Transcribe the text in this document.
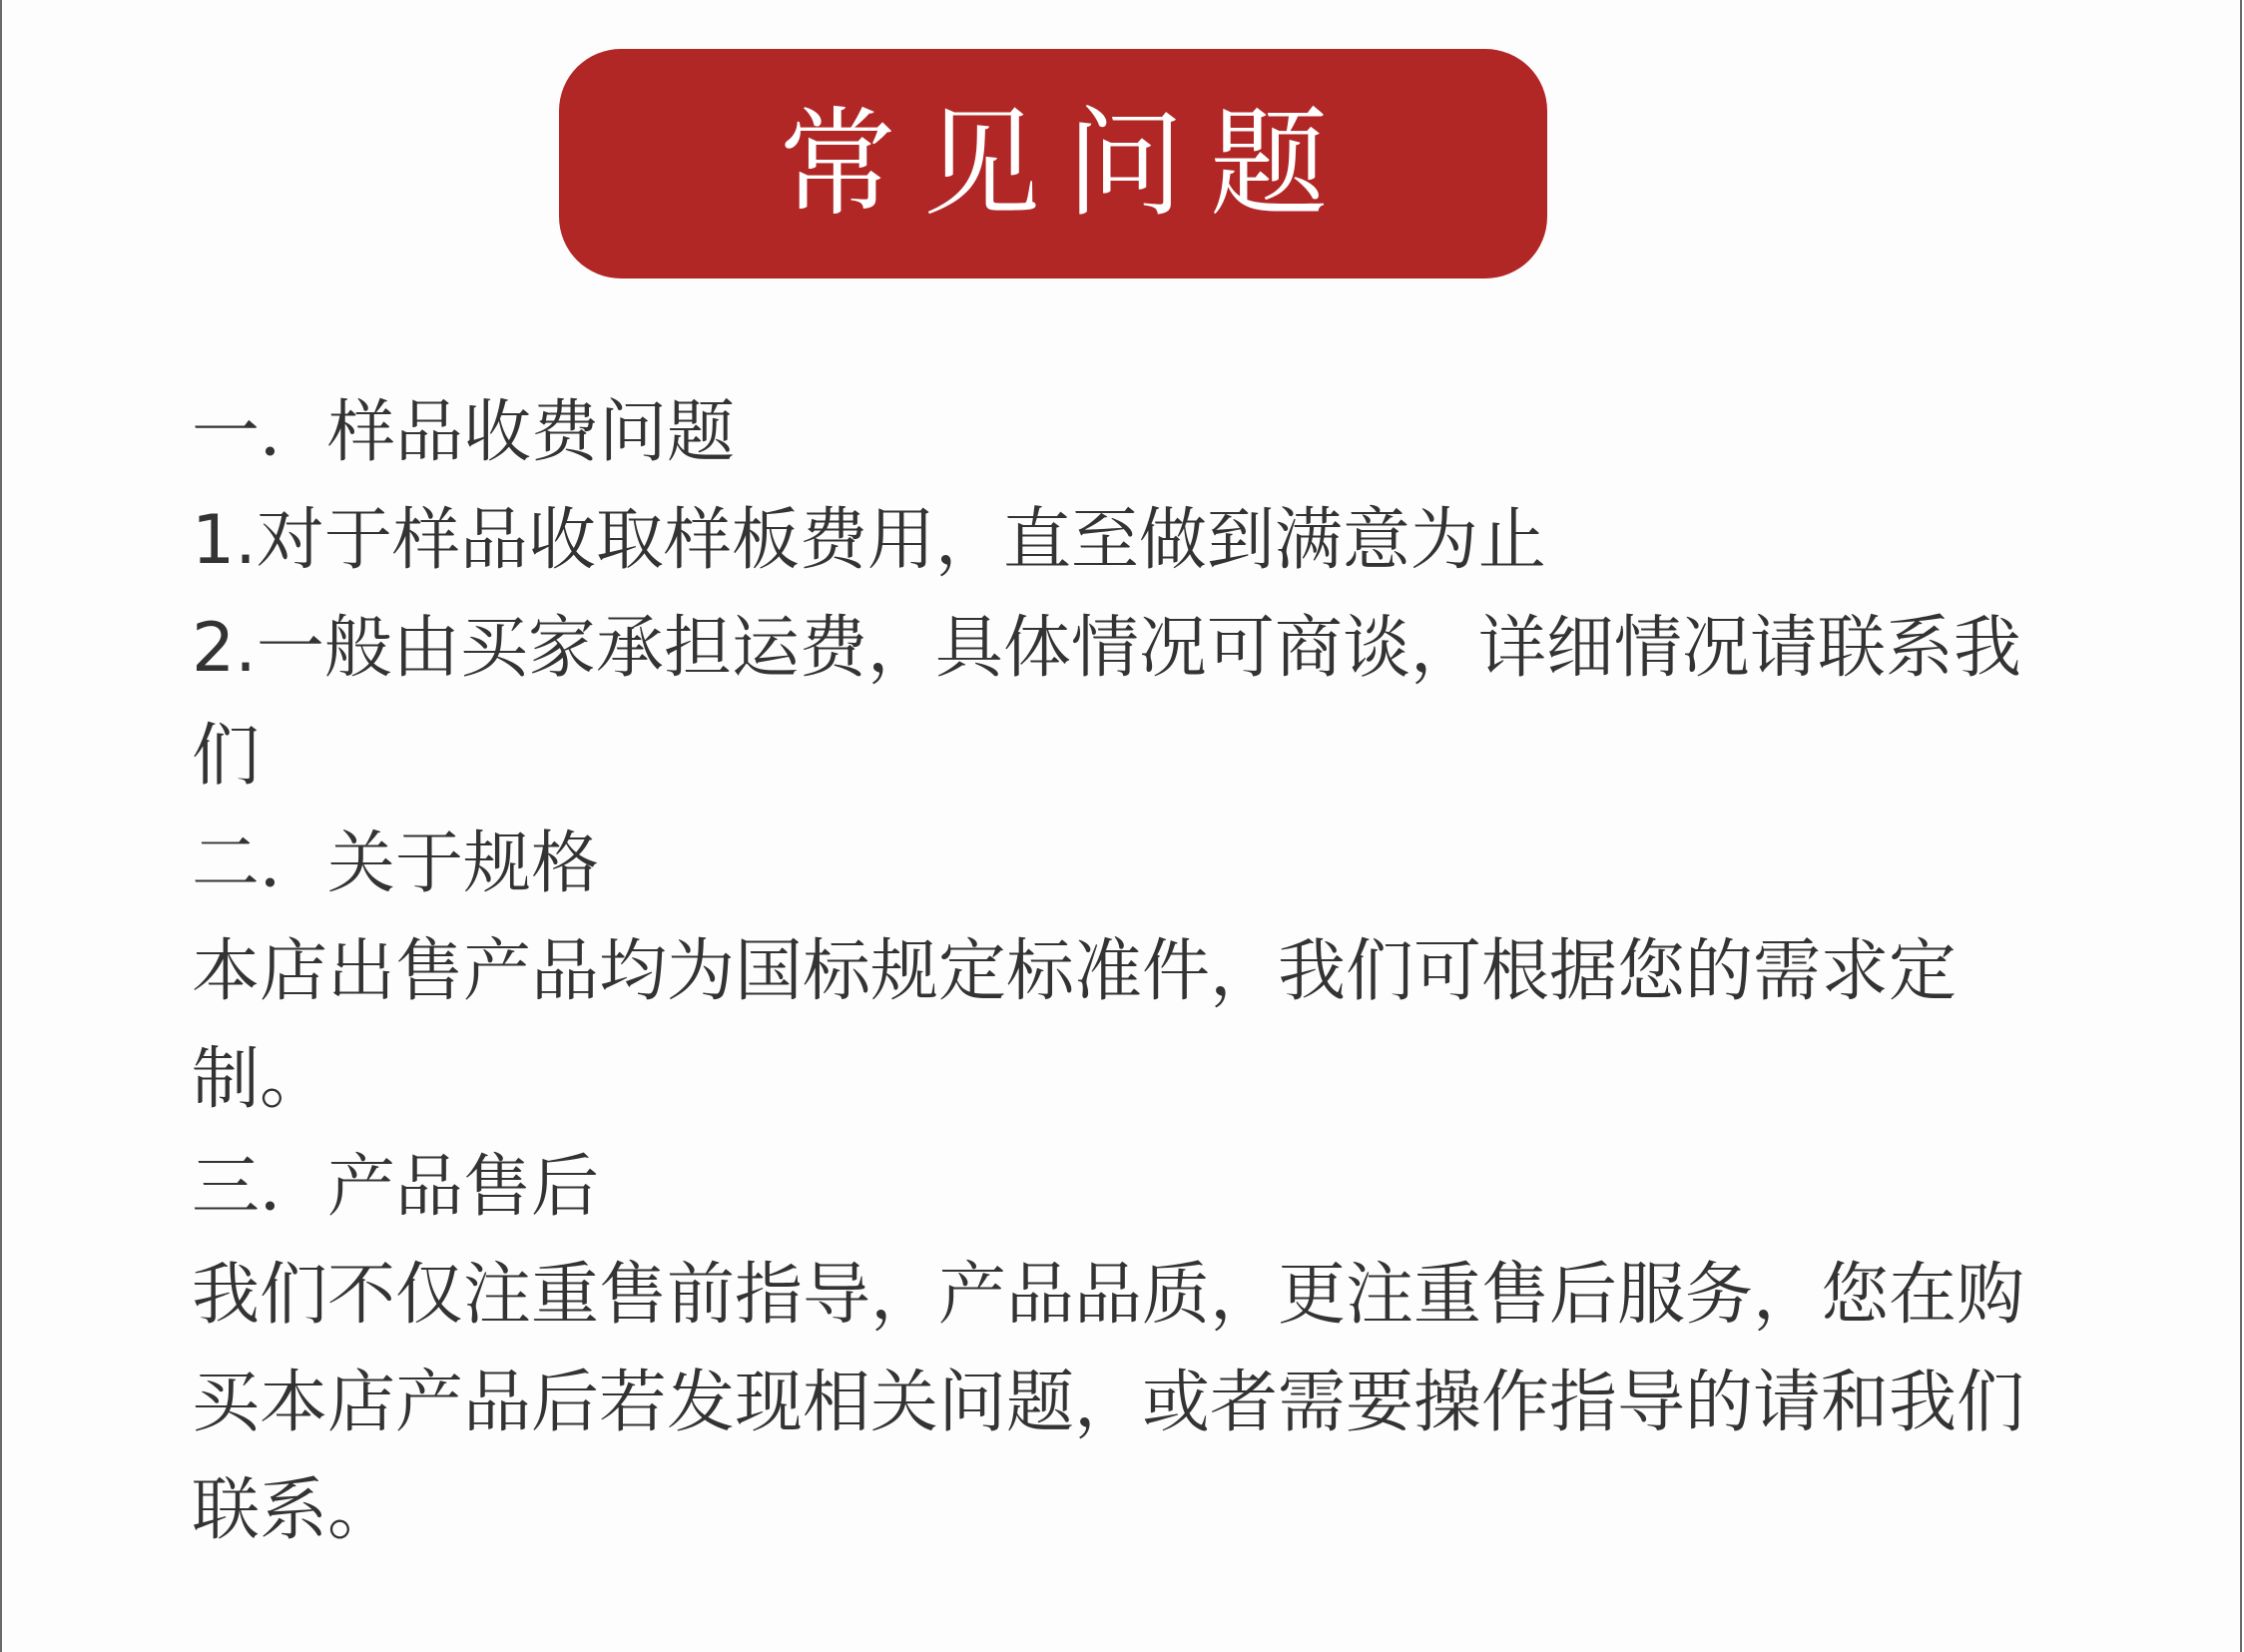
常见问题

一．样品收费问题

1.对于样品收取样板费用，直至做到满意为止

2.一般由买家承担运费，具体情况可商谈，详细情况请联系我们

二．关于规格

本店出售产品均为国标规定标准件，我们可根据您的需求定制。

三．产品售后

我们不仅注重售前指导，产品品质，更注重售后服务，您在购买本店产品后若发现相关问题，或者需要操作指导的请和我们联系。
